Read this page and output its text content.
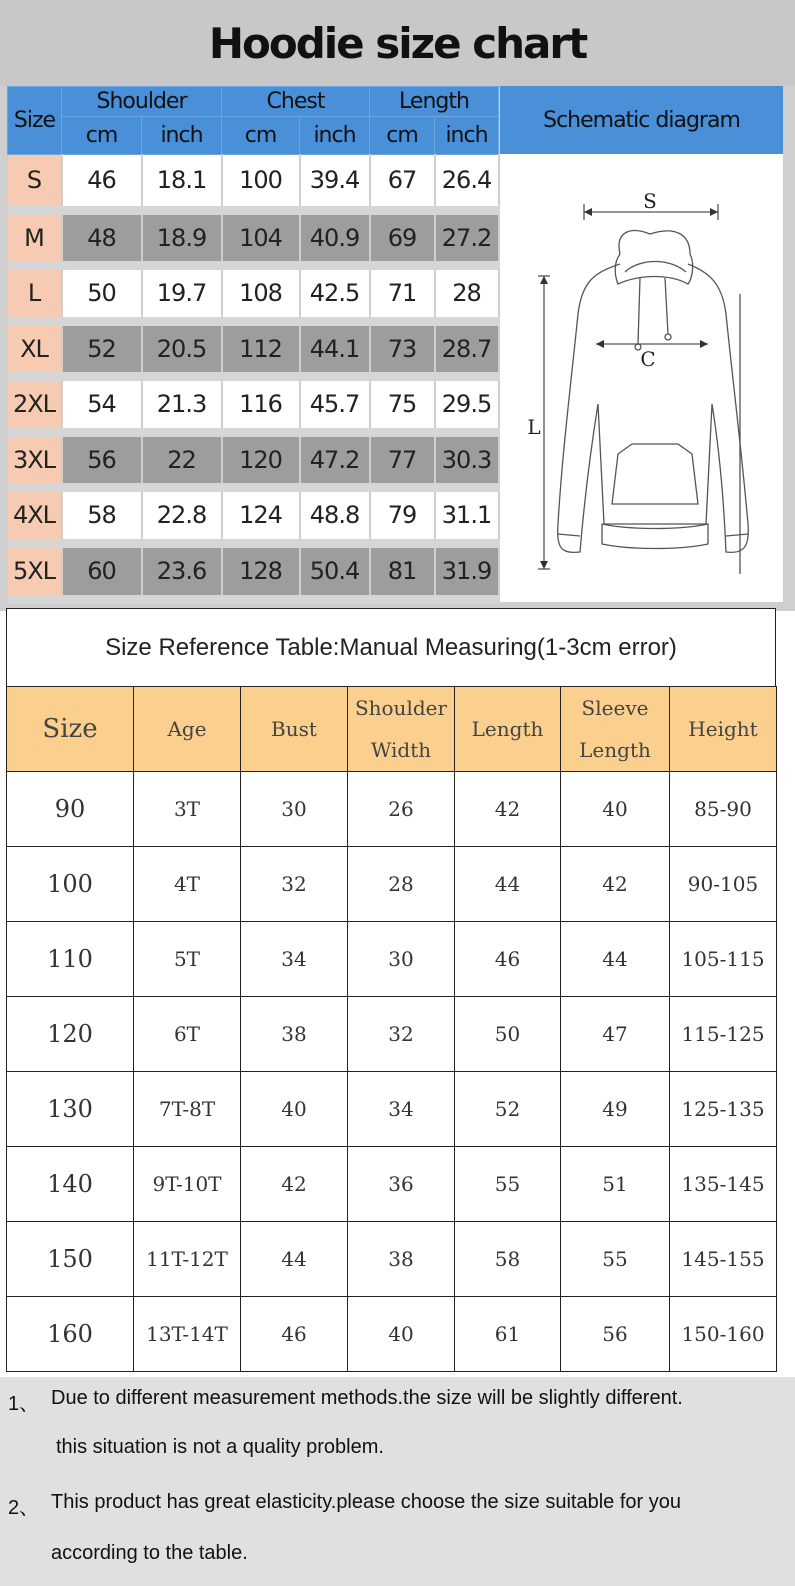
Hoodie size chart
Size	Shoulder		Chest		Length	
	cm	inch	cm	inch	cm	inch
S	46	18.1	100	39.4	67	26.4
M	48	18.9	104	40.9	69	27.2
L	50	19.7	108	42.5	71	28
XL	52	20.5	112	44.1	73	28.7
2XL	54	21.3	116	45.7	75	29.5
3XL	56	22	120	47.2	77	30.3
4XL	58	22.8	124	48.8	79	31.1
5XL	60	23.6	128	50.4	81	31.9
Schematic diagram
S
C
L
Size Reference Table:Manual Measuring(1-3cm error)
Size	Age	Bust	Shoulder Width	Length	Sleeve Length	Height
90	3T	30	26	42	40	85-90
100	4T	32	28	44	42	90-105
110	5T	34	30	46	44	105-115
120	6T	38	32	50	47	115-125
130	7T-8T	40	34	52	49	125-135
140	9T-10T	42	36	55	51	135-145
150	11T-12T	44	38	58	55	145-155
160	13T-14T	46	40	61	56	150-160
1、 Due to different measurement methods.the size will be slightly different.
this situation is not a quality problem.
2、 This product has great elasticity.please choose the size suitable for you
according to the table.
